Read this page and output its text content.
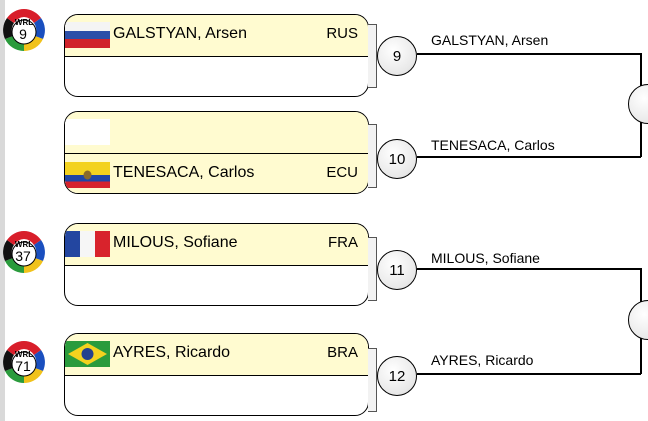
GALSTYAN, Arsen	RUS
TENESACA, Carlos	ECU
MILOUS, Sofiane	FRA
AYRES, Ricardo	BRA
WRL
9
WRL
37
WRL
71
9
10
11
12
GALSTYAN, Arsen
TENESACA, Carlos
MILOUS, Sofiane
AYRES, Ricardo
